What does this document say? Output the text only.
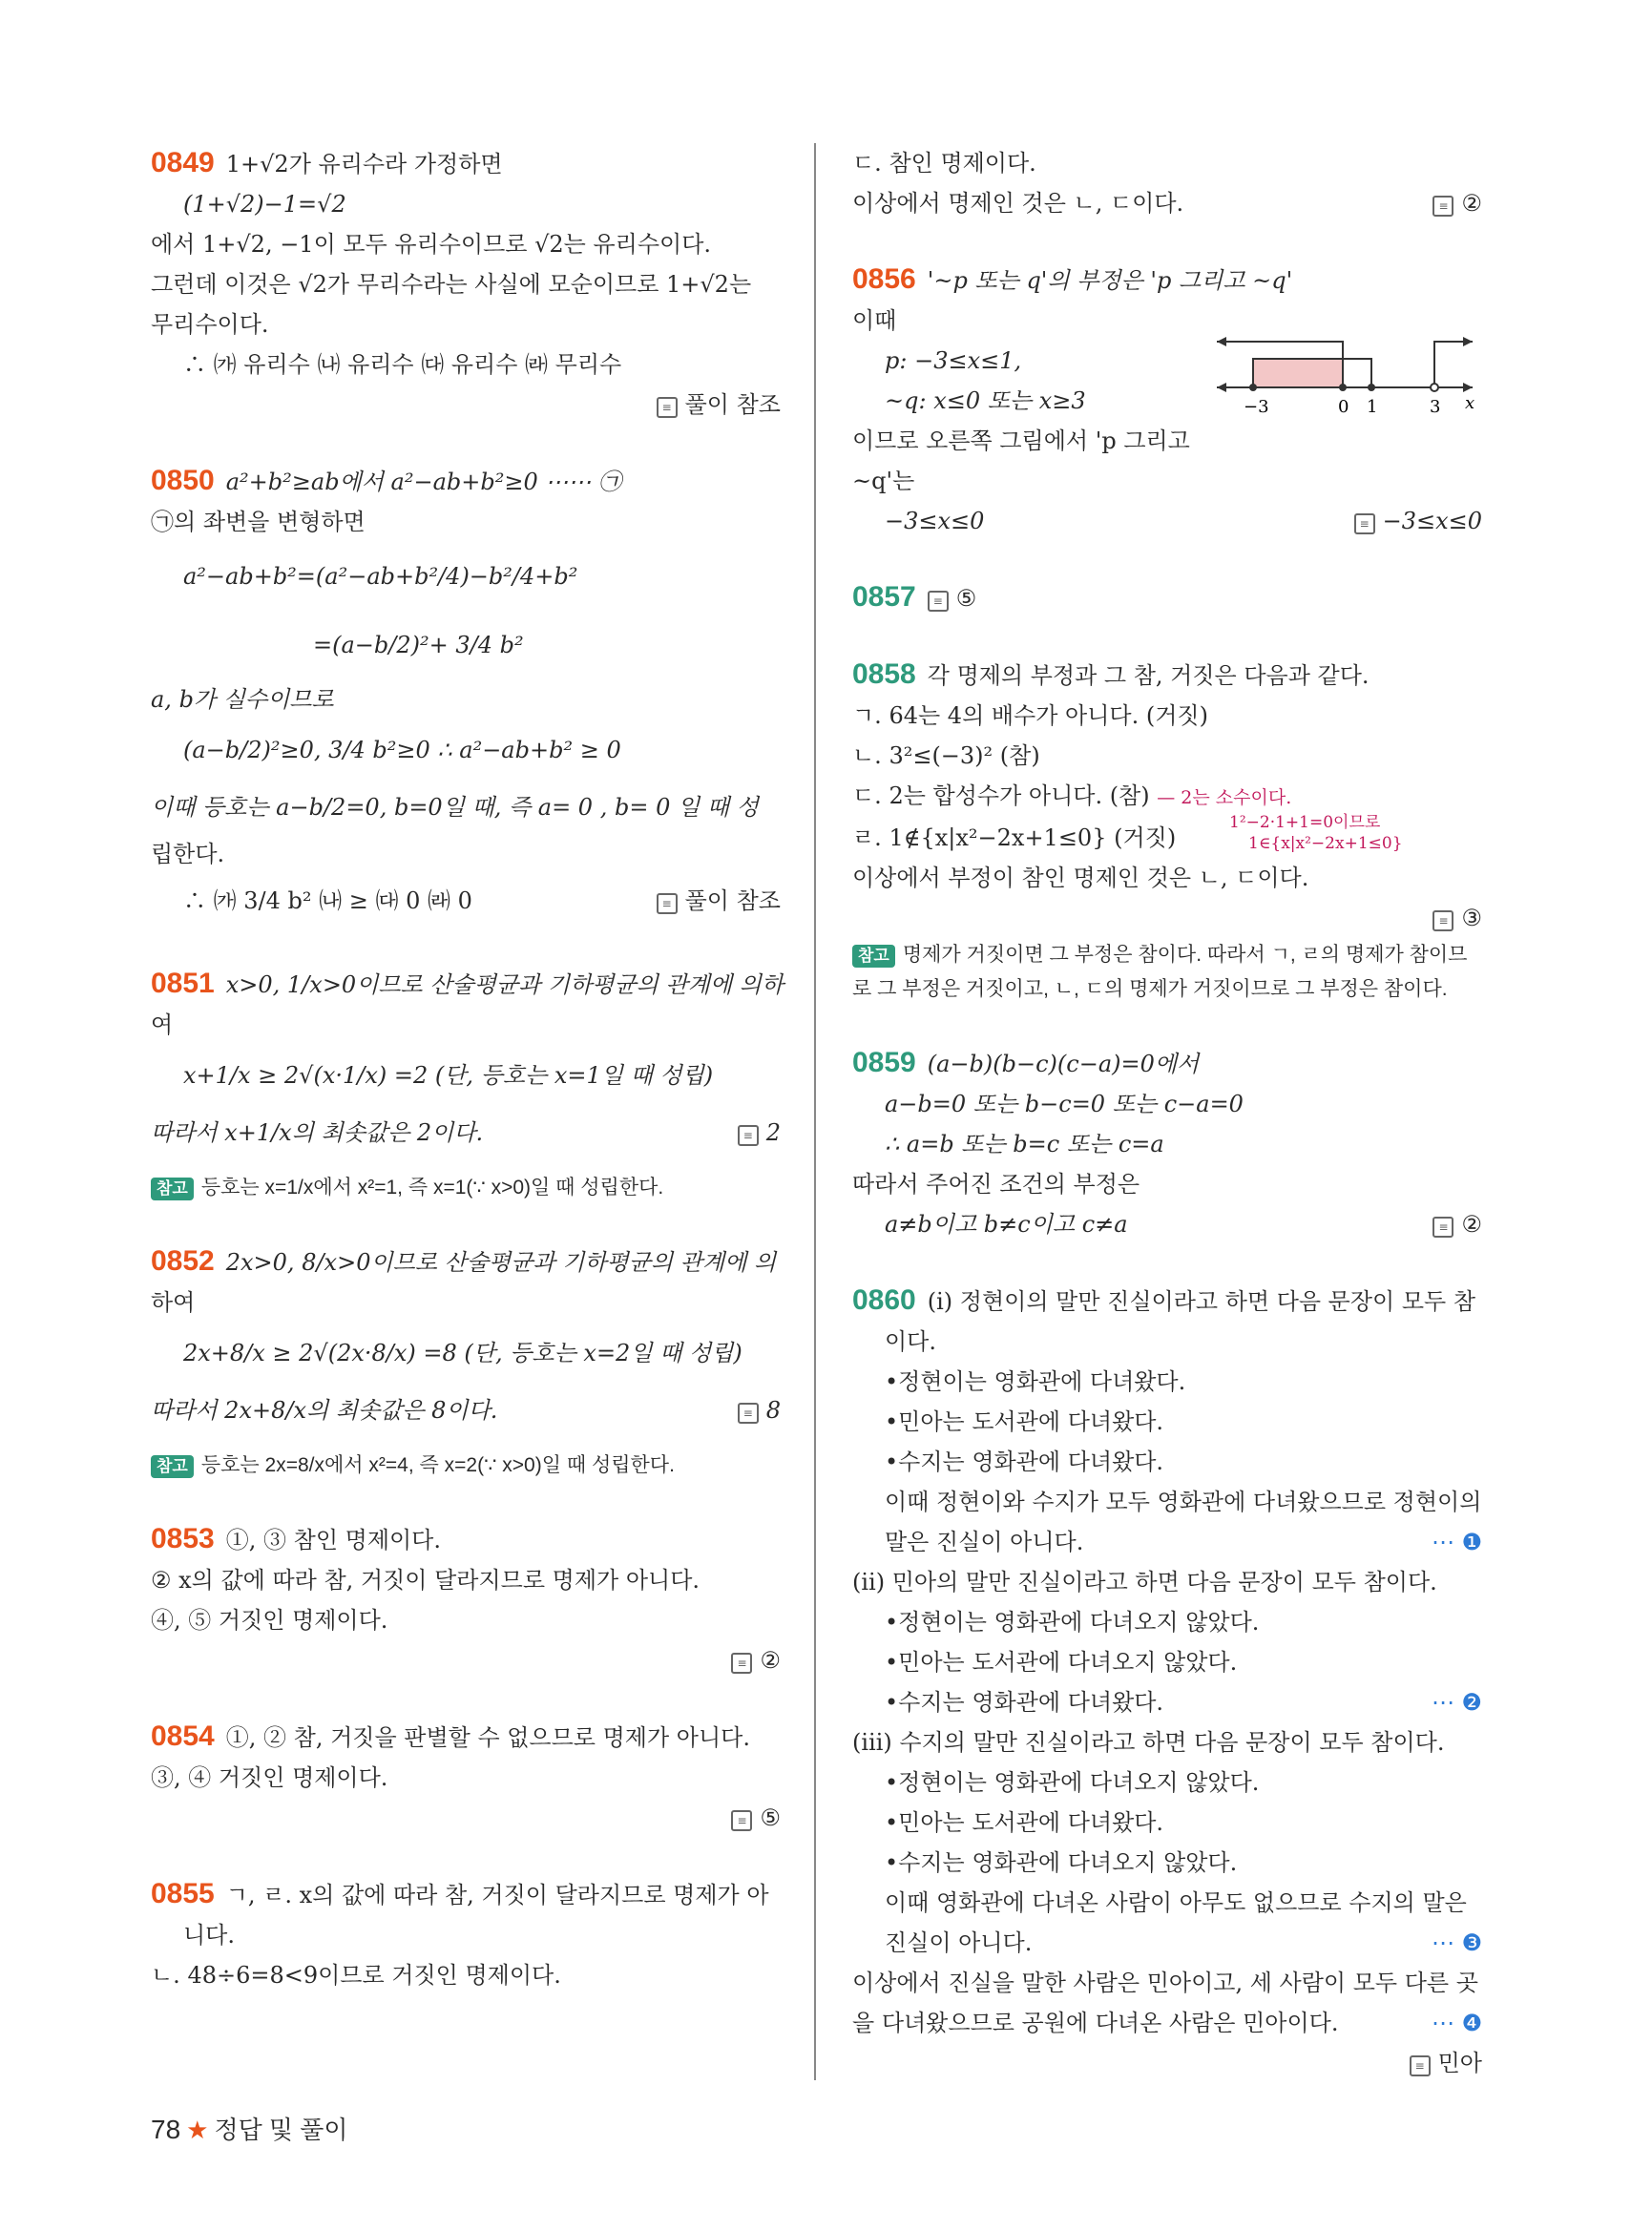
0849 1+√2가 유리수라 가정하면
(1+√2)−1=√2
에서 1+√2, −1이 모두 유리수이므로 √2는 유리수이다.
그런데 이것은 √2가 무리수라는 사실에 모순이므로 1+√2는
무리수이다.
∴ ㈎ 유리수 ㈏ 유리수 ㈐ 유리수 ㈑ 무리수
≡풀이 참조
0850 a²+b²≥ab에서 a²−ab+b²≥0 ⋯⋯ ㉠
㉠의 좌변을 변형하면
a²−ab+b²=(a²−ab+b²/4)−b²/4+b²
=(a−b/2)²+ 3/4 b²
a, b가 실수이므로
(a−b/2)²≥0, 3/4 b²≥0 ∴ a²−ab+b² ≥ 0
이때 등호는 a−b/2=0, b=0일 때, 즉 a= 0 , b= 0 일 때 성
립한다.
∴ ㈎ 3/4 b² ㈏ ≥ ㈐ 0 ㈑ 0 ≡	풀이 참조
0851 x>0, 1/x>0이므로 산술평균과 기하평균의 관계에 의하
여
x+1/x ≥ 2√(x·1/x) =2 (단, 등호는 x=1일 때 성립)
따라서 x+1/x의 최솟값은 2이다. ≡	2
참고 등호는 x=1/x에서 x²=1, 즉 x=1(∵ x>0)일 때 성립한다.
0852 2x>0, 8/x>0이므로 산술평균과 기하평균의 관계에 의
하여
2x+8/x ≥ 2√(2x·8/x) =8 (단, 등호는 x=2일 때 성립)
따라서 2x+8/x의 최솟값은 8이다. ≡	8
참고 등호는 2x=8/x에서 x²=4, 즉 x=2(∵ x>0)일 때 성립한다.
0853 ①, ③ 참인 명제이다.
② x의 값에 따라 참, 거짓이 달라지므로 명제가 아니다.
④, ⑤ 거짓인 명제이다.
≡②
0854 ①, ② 참, 거짓을 판별할 수 없으므로 명제가 아니다.
③, ④ 거짓인 명제이다.
≡⑤
0855 ㄱ, ㄹ. x의 값에 따라 참, 거짓이 달라지므로 명제가 아
니다.
ㄴ. 48÷6=8<9이므로 거짓인 명제이다.
ㄷ. 참인 명제이다.
이상에서 명제인 것은 ㄴ, ㄷ이다. ≡	②
0856 '~p 또는 q'의 부정은 'p 그리고 ~q'
이때
p: −3≤x≤1,
~q: x≤0 또는 x≥3
이므로 오른쪽 그림에서 'p 그리고
~q'는
−3≤x≤0 ≡	−3≤x≤0
−3	0 1	3 x
0857 ≡ ⑤
0858 각 명제의 부정과 그 참, 거짓은 다음과 같다.
ㄱ. 64는 4의 배수가 아니다. (거짓)
ㄴ. 3²≤(−3)² (참)
ㄷ. 2는 합성수가 아니다. (참) — 2는 소수이다.
ㄹ. 1∉{x|x²−2x+1≤0} (거짓)
1²−2·1+1=0이므로
1∈{x|x²−2x+1≤0}
이상에서 부정이 참인 명제인 것은 ㄴ, ㄷ이다.
≡③
참고 명제가 거짓이면 그 부정은 참이다. 따라서 ㄱ, ㄹ의 명제가 참이므로 그 부정은 거짓이고, ㄴ, ㄷ의 명제가 거짓이므로 그 부정은 참이다.
0859 (a−b)(b−c)(c−a)=0에서
a−b=0 또는 b−c=0 또는 c−a=0
∴ a=b 또는 b=c 또는 c=a
따라서 주어진 조건의 부정은
a≠b이고 b≠c이고 c≠a ≡	②
0860 (ⅰ) 정현이의 말만 진실이라고 하면 다음 문장이 모두 참
이다.
• 정현이는 영화관에 다녀왔다.
• 민아는 도서관에 다녀왔다.
• 수지는 영화관에 다녀왔다.
이때 정현이와 수지가 모두 영화관에 다녀왔으므로 정현이의
말은 진실이 아니다.	⋯ ❶
(ⅱ) 민아의 말만 진실이라고 하면 다음 문장이 모두 참이다.
• 정현이는 영화관에 다녀오지 않았다.
• 민아는 도서관에 다녀오지 않았다.
• 수지는 영화관에 다녀왔다.	⋯ ❷
(ⅲ) 수지의 말만 진실이라고 하면 다음 문장이 모두 참이다.
• 정현이는 영화관에 다녀오지 않았다.
• 민아는 도서관에 다녀왔다.
• 수지는 영화관에 다녀오지 않았다.
이때 영화관에 다녀온 사람이 아무도 없으므로 수지의 말은
진실이 아니다.	⋯ ❸
이상에서 진실을 말한 사람은 민아이고, 세 사람이 모두 다른 곳
을 다녀왔으므로 공원에 다녀온 사람은 민아이다.	⋯ ❹
≡민아
78 ★ 정답 및 풀이
